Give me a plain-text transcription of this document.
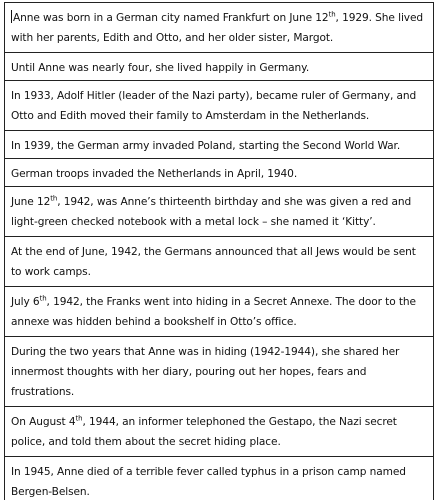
Anne was born in a German city named Frankfurt on June 12th, 1929. She lived with her parents, Edith and Otto, and her older sister, Margot.
Until Anne was nearly four, she lived happily in Germany.
In 1933, Adolf Hitler (leader of the Nazi party), became ruler of Germany, and Otto and Edith moved their family to Amsterdam in the Netherlands.
In 1939, the German army invaded Poland, starting the Second World War.
German troops invaded the Netherlands in April, 1940.
June 12th, 1942, was Anne’s thirteenth birthday and she was given a red and light-green checked notebook with a metal lock – she named it ‘Kitty’.
At the end of June, 1942, the Germans announced that all Jews would be sent to work camps.
July 6th, 1942, the Franks went into hiding in a Secret Annexe. The door to the annexe was hidden behind a bookshelf in Otto’s office.
During the two years that Anne was in hiding (1942-1944), she shared her innermost thoughts with her diary, pouring out her hopes, fears and frustrations.
On August 4th, 1944, an informer telephoned the Gestapo, the Nazi secret police, and told them about the secret hiding place.
In 1945, Anne died of a terrible fever called typhus in a prison camp named Bergen-Belsen.
